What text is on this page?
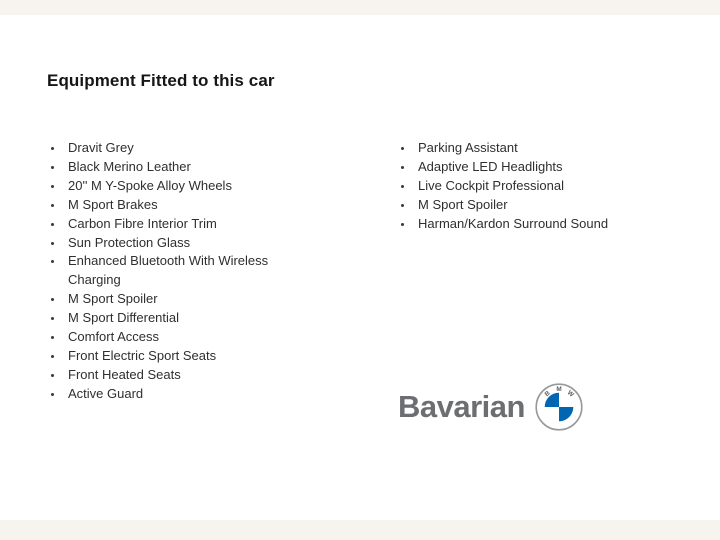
Equipment Fitted to this car
Dravit Grey
Black Merino Leather
20'' M Y-Spoke Alloy Wheels
M Sport Brakes
Carbon Fibre Interior Trim
Sun Protection Glass
Enhanced Bluetooth With Wireless Charging
M Sport Spoiler
M Sport Differential
Comfort Access
Front Electric Sport Seats
Front Heated Seats
Active Guard
Parking Assistant
Adaptive LED Headlights
Live Cockpit Professional
M Sport Spoiler
Harman/Kardon Surround Sound
Bavarian	B
M W
